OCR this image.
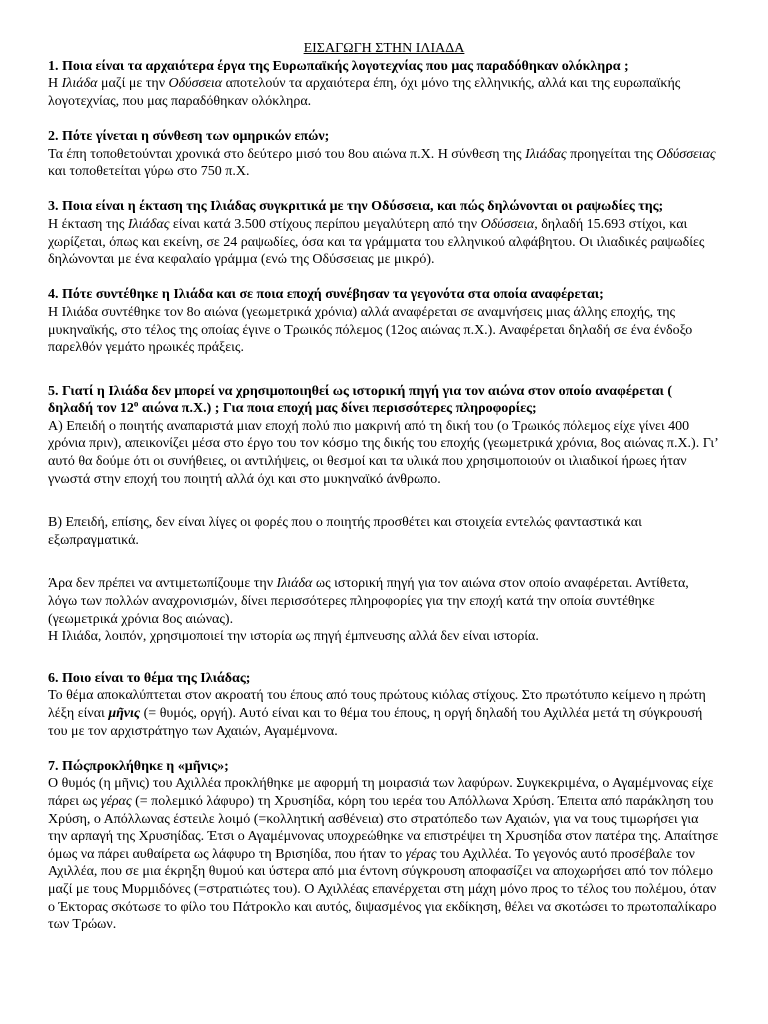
ΕΙΣΑΓΩΓΗ ΣΤΗΝ ΙΛΙΑΔΑ

1. Ποια είναι τα αρχαιότερα έργα της Ευρωπαϊκής λογοτεχνίας που μας παραδόθηκαν ολόκληρα ;

Η Ιλιάδα μαζί με την Οδύσσεια αποτελούν τα αρχαιότερα έπη, όχι μόνο της ελληνικής, αλλά και της ευρωπαϊκής λογοτεχνίας, που μας παραδόθηκαν ολόκληρα.

2. Πότε γίνεται η σύνθεση των ομηρικών επών;

Τα έπη τοποθετούνται χρονικά στο δεύτερο μισό του 8ου αιώνα π.Χ. Η σύνθεση της Ιλιάδας προηγείται της Οδύσσειας και τοποθετείται γύρω στο 750 π.Χ.

3. Ποια είναι η έκταση της Ιλιάδας συγκριτικά με την Οδύσσεια, και πώς δηλώνονται οι ραψωδίες της;

Η έκταση της Ιλιάδας είναι κατά 3.500 στίχους περίπου μεγαλύτερη από την Οδύσσεια, δηλαδή 15.693 στίχοι, και χωρίζεται, όπως και εκείνη, σε 24 ραψωδίες, όσα και τα γράμματα του ελληνικού αλφάβητου. Οι ιλιαδικές ραψωδίες δηλώνονται με ένα κεφαλαίο γράμμα (ενώ της Οδύσσειας με μικρό).

4. Πότε συντέθηκε η Ιλιάδα και σε ποια εποχή συνέβησαν τα γεγονότα στα οποία αναφέρεται;

Η Ιλιάδα συντέθηκε τον 8ο αιώνα (γεωμετρικά χρόνια) αλλά αναφέρεται σε αναμνήσεις μιας άλλης εποχής, της μυκηναϊκής, στο τέλος της οποίας έγινε ο Τρωικός πόλεμος (12ος αιώνας π.Χ.). Αναφέρεται δηλαδή σε ένα ένδοξο παρελθόν γεμάτο ηρωικές πράξεις.

5. Γιατί η Ιλιάδα δεν μπορεί να χρησιμοποιηθεί ως ιστορική πηγή για τον αιώνα στον οποίο αναφέρεται ( δηλαδή τον $12^o$ αιώνα π.Χ.) ; Για ποια εποχή μας δίνει περισσότερες πληροφορίες;

Α) Επειδή ο ποιητής αναπαριστά μιαν εποχή πολύ πιο μακρινή από τη δική του (ο Τρωικός πόλεμος είχε γίνει 400 χρόνια πριν), απεικονίζει μέσα στο έργο του τον κόσμο της δικής του εποχής (γεωμετρικά χρόνια, 8ος αιώνας π.Χ.). Γι’ αυτό θα δούμε ότι οι συνήθειες, οι αντιλήψεις, οι θεσμοί και τα υλικά που χρησιμοποιούν οι ιλιαδικοί ήρωες ήταν γνωστά στην εποχή του ποιητή αλλά όχι και στο μυκηναϊκό άνθρωπο.

Β) Επειδή, επίσης, δεν είναι λίγες οι φορές που ο ποιητής προσθέτει και στοιχεία εντελώς φανταστικά και εξωπραγματικά.

Άρα δεν πρέπει να αντιμετωπίζουμε την Ιλιάδα ως ιστορική πηγή για τον αιώνα στον οποίο αναφέρεται. Αντίθετα, λόγω των πολλών αναχρονισμών, δίνει περισσότερες πληροφορίες για την εποχή κατά την οποία συντέθηκε (γεωμετρικά χρόνια 8ος αιώνας).

Η Ιλιάδα, λοιπόν, χρησιμοποιεί την ιστορία ως πηγή έμπνευσης αλλά δεν είναι ιστορία.

6. Ποιο είναι το θέμα της Ιλιάδας;

Το θέμα αποκαλύπτεται στον ακροατή του έπους από τους πρώτους κιόλας στίχους. Στο πρωτότυπο κείμενο η πρώτη λέξη είναι μῆνις (= θυμός, οργή). Αυτό είναι και το θέμα του έπους, η οργή δηλαδή του Αχιλλέα μετά τη σύγκρουσή του με τον αρχιστράτηγο των Αχαιών, Αγαμέμνονα.

7. Πώςπροκλήθηκε η «μῆνις»;

Ο θυμός (η μῆνις) του Αχιλλέα προκλήθηκε με αφορμή τη μοιρασιά των λαφύρων. Συγκεκριμένα, ο Αγαμέμνονας είχε πάρει ως γέρας (= πολεμικό λάφυρο) τη Χρυσηίδα, κόρη του ιερέα του Απόλλωνα Χρύση. Έπειτα από παράκληση του Χρύση, ο Απόλλωνας έστειλε λοιμό (=κολλητική ασθένεια) στο στρατόπεδο των Αχαιών, για να τους τιμωρήσει για την αρπαγή της Χρυσηίδας. Έτσι ο Αγαμέμνονας υποχρεώθηκε να επιστρέψει τη Χρυσηίδα στον πατέρα της. Απαίτησε όμως να πάρει αυθαίρετα ως λάφυρο τη Βρισηίδα, που ήταν το γέρας του Αχιλλέα. Το γεγονός αυτό προσέβαλε τον Αχιλλέα, που σε μια έκρηξη θυμού και ύστερα από μια έντονη σύγκρουση αποφασίζει να αποχωρήσει από τον πόλεμο μαζί με τους Μυρμιδόνες (=στρατιώτες του). Ο Αχιλλέας επανέρχεται στη μάχη μόνο προς το τέλος του πολέμου, όταν ο Έκτορας σκότωσε το φίλο του Πάτροκλο και αυτός, διψασμένος για εκδίκηση, θέλει να σκοτώσει το πρωτοπαλίκαρο των Τρώων.
